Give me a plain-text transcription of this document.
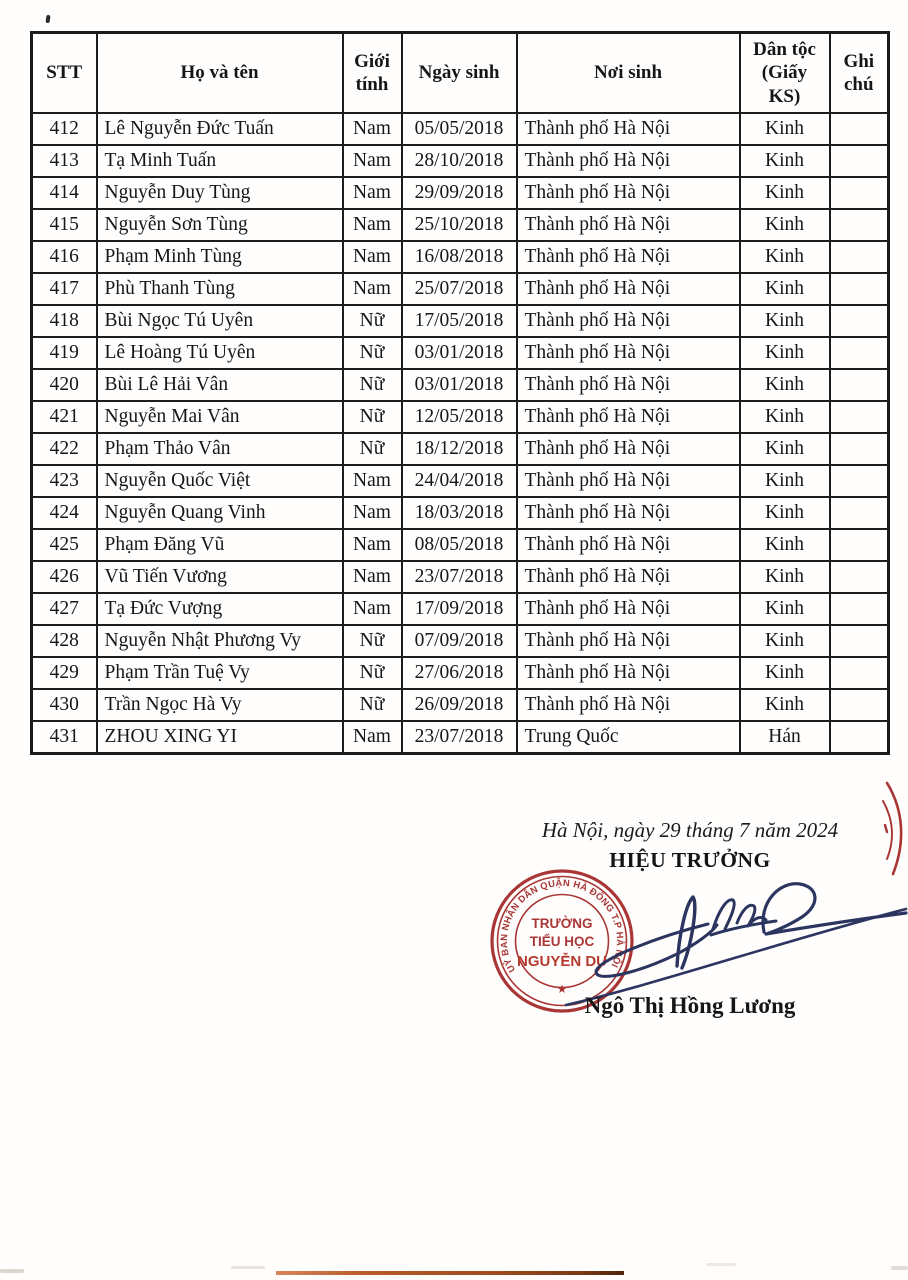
STT	Họ và tên	Giới tính	Ngày sinh	Nơi sinh	Dân tộc (Giấy KS)	Ghi chú
412	Lê Nguyễn Đức Tuấn	Nam	05/05/2018	Thành phố Hà Nội	Kinh	
413	Tạ Minh Tuấn	Nam	28/10/2018	Thành phố Hà Nội	Kinh	
414	Nguyễn Duy Tùng	Nam	29/09/2018	Thành phố Hà Nội	Kinh	
415	Nguyễn Sơn Tùng	Nam	25/10/2018	Thành phố Hà Nội	Kinh	
416	Phạm Minh Tùng	Nam	16/08/2018	Thành phố Hà Nội	Kinh	
417	Phù Thanh Tùng	Nam	25/07/2018	Thành phố Hà Nội	Kinh	
418	Bùi Ngọc Tú Uyên	Nữ	17/05/2018	Thành phố Hà Nội	Kinh	
419	Lê Hoàng Tú Uyên	Nữ	03/01/2018	Thành phố Hà Nội	Kinh	
420	Bùi Lê Hải Vân	Nữ	03/01/2018	Thành phố Hà Nội	Kinh	
421	Nguyễn Mai Vân	Nữ	12/05/2018	Thành phố Hà Nội	Kinh	
422	Phạm Thảo Vân	Nữ	18/12/2018	Thành phố Hà Nội	Kinh	
423	Nguyễn Quốc Việt	Nam	24/04/2018	Thành phố Hà Nội	Kinh	
424	Nguyễn Quang Vinh	Nam	18/03/2018	Thành phố Hà Nội	Kinh	
425	Phạm Đăng Vũ	Nam	08/05/2018	Thành phố Hà Nội	Kinh	
426	Vũ Tiến Vương	Nam	23/07/2018	Thành phố Hà Nội	Kinh	
427	Tạ Đức Vượng	Nam	17/09/2018	Thành phố Hà Nội	Kinh	
428	Nguyễn Nhật Phương Vy	Nữ	07/09/2018	Thành phố Hà Nội	Kinh	
429	Phạm Trần Tuệ Vy	Nữ	27/06/2018	Thành phố Hà Nội	Kinh	
430	Trần Ngọc Hà Vy	Nữ	26/09/2018	Thành phố Hà Nội	Kinh	
431	ZHOU XING YI	Nam	23/07/2018	Trung Quốc	Hán	
Hà Nội, ngày 29 tháng 7 năm 2024
HIỆU TRƯỞNG
UỶ BAN NHÂN DÂN QUẬN HÀ ĐÔNG T.P HÀ NỘI
★
TRƯỜNG
TIỂU HỌC
NGUYỄN DU
Ngô Thị Hồng Lương
